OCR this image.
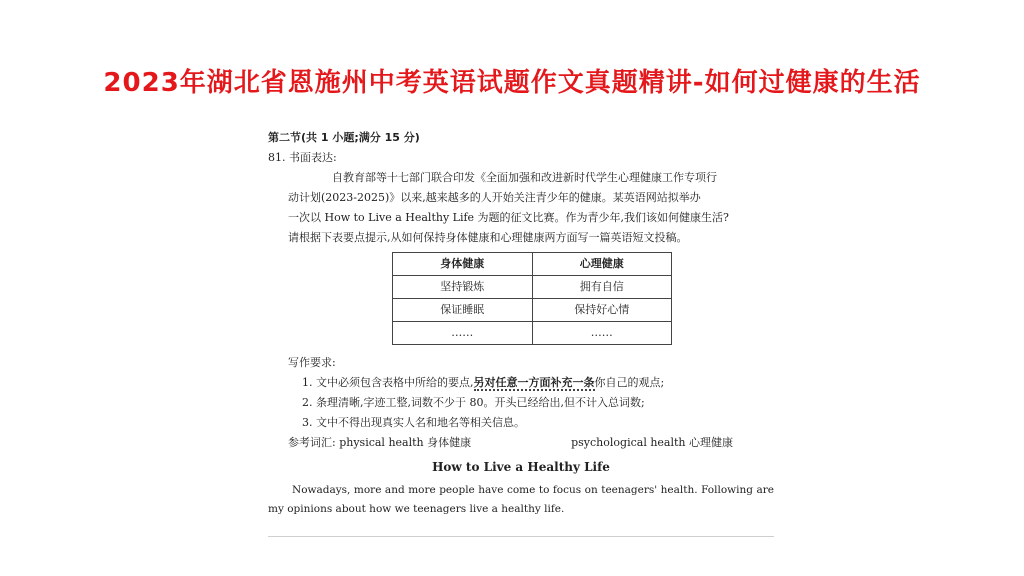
2023年湖北省恩施州中考英语试题作文真题精讲-如何过健康的生活
第二节(共 1 小题;满分 15 分)
81. 书面表达:

自教育部等十七部门联合印发《全面加强和改进新时代学生心理健康工作专项行

动计划(2023-2025)》以来,越来越多的人开始关注青少年的健康。某英语网站拟举办

一次以 How to Live a Healthy Life 为题的征文比赛。作为青少年,我们该如何健康生活?

请根据下表要点提示,从如何保持身体健康和心理健康两方面写一篇英语短文投稿。

身体健康	心理健康
坚持锻炼	拥有自信
保证睡眠	保持好心情
……	……
写作要求:
1. 文中必须包含表格中所给的要点,另对任意一方面补充一条你自己的观点;
2. 条理清晰,字迹工整,词数不少于 80。开头已经给出,但不计入总词数;
3. 文中不得出现真实人名和地名等相关信息。
参考词汇: physical health 身体健康	psychological health 心理健康
How to Live a Healthy Life

Nowadays, more and more people have come to focus on teenagers' health. Following are my opinions about how we teenagers live a healthy life.
